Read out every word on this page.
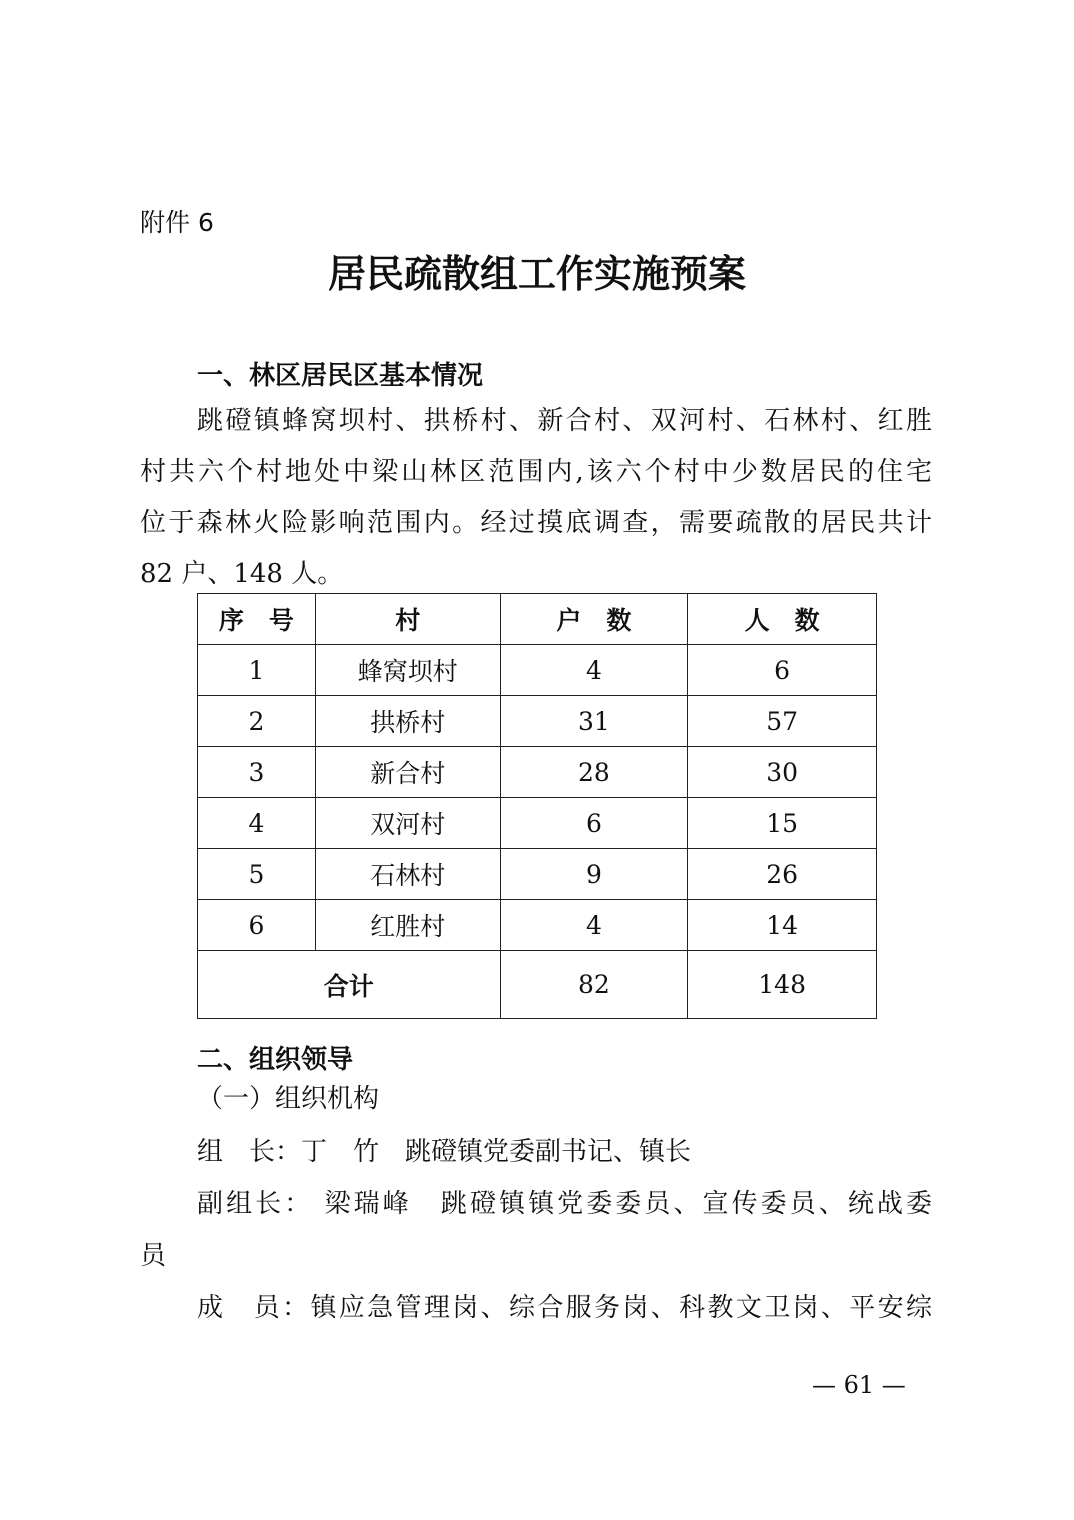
附件 6
居民疏散组工作实施预案
一、林区居民区基本情况
跳磴镇蜂窝坝村、拱桥村、新合村、双河村、石林村、红胜
村共六个村地处中梁山林区范围内,该六个村中少数居民的住宅
位于森林火险影响范围内。经过摸底调查，需要疏散的居民共计
82 户、148 人。
序　号	村	户　数	人　数
1	蜂窝坝村	4	6
2	拱桥村	31	57
3	新合村	28	30
4	双河村	6	15
5	石林村	9	26
6	红胜村	4	14
合计		82	148
二、组织领导
（一）组织机构
组　长：丁　竹　跳磴镇党委副书记、镇长
副组长： 梁瑞峰　跳磴镇镇党委委员、宣传委员、统战委
员
成　员：镇应急管理岗、综合服务岗、科教文卫岗、平安综
— 61 —
